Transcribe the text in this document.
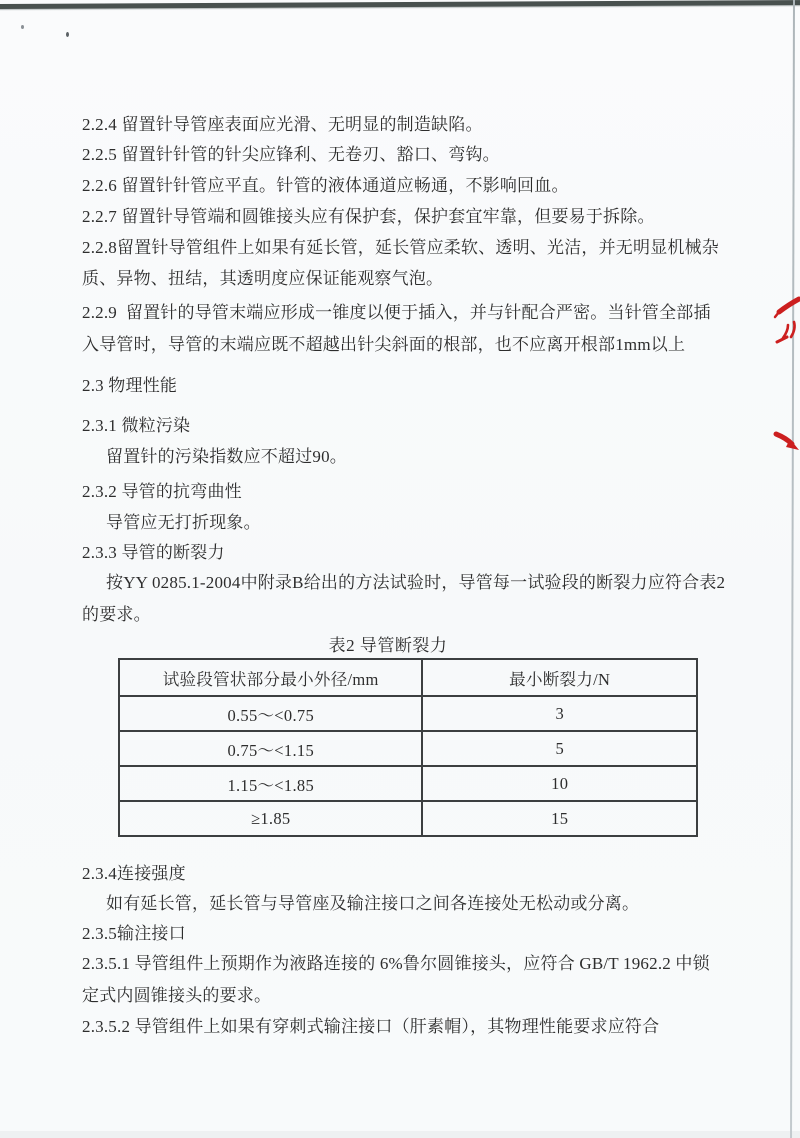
2.2.4 留置针导管座表面应光滑、无明显的制造缺陷。
2.2.5 留置针针管的针尖应锋利、无卷刃、豁口、弯钩。
2.2.6 留置针针管应平直。针管的液体通道应畅通，不影响回血。
2.2.7 留置针导管端和圆锥接头应有保护套，保护套宜牢靠，但要易于拆除。
2.2.8留置针导管组件上如果有延长管，延长管应柔软、透明、光洁，并无明显机械杂
质、异物、扭结，其透明度应保证能观察气泡。
2.2.9  留置针的导管末端应形成一锥度以便于插入，并与针配合严密。当针管全部插
入导管时，导管的末端应既不超越出针尖斜面的根部，也不应离开根部1mm以上
2.3 物理性能
2.3.1 微粒污染
留置针的污染指数应不超过90。
2.3.2 导管的抗弯曲性
导管应无打折现象。
2.3.3 导管的断裂力
按YY 0285.1-2004中附录B给出的方法试验时，导管每一试验段的断裂力应符合表2
的要求。
表2 导管断裂力
试验段管状部分最小外径/mm	最小断裂力/N
0.55～<0.75	3
0.75～<1.15	5
1.15～<1.85	10
≥1.85	15
2.3.4连接强度
如有延长管，延长管与导管座及输注接口之间各连接处无松动或分离。
2.3.5输注接口
2.3.5.1 导管组件上预期作为液路连接的 6%鲁尔圆锥接头，应符合 GB/T 1962.2 中锁
定式内圆锥接头的要求。
2.3.5.2 导管组件上如果有穿刺式输注接口（肝素帽），其物理性能要求应符合
